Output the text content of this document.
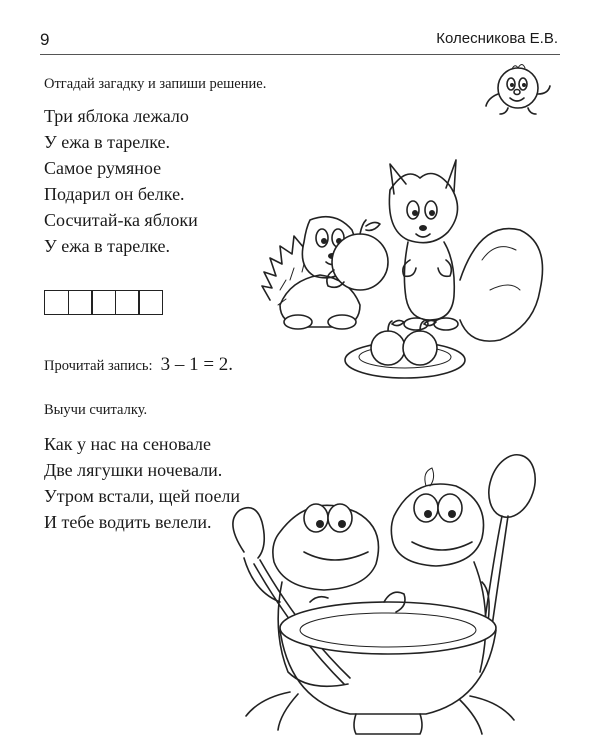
9	Колесникова Е.В.
Отгадай загадку и запиши решение.
Три яблока лежало
У ежа в тарелке.
Самое румяное
Подарил он белке.
Сосчитай-ка яблоки
У ежа в тарелке.
Прочитай запись: 3 – 1 = 2.
Выучи считалку.
Как у нас на сеновале
Две лягушки ночевали.
Утром встали, щей поели
И тебе водить велели.
